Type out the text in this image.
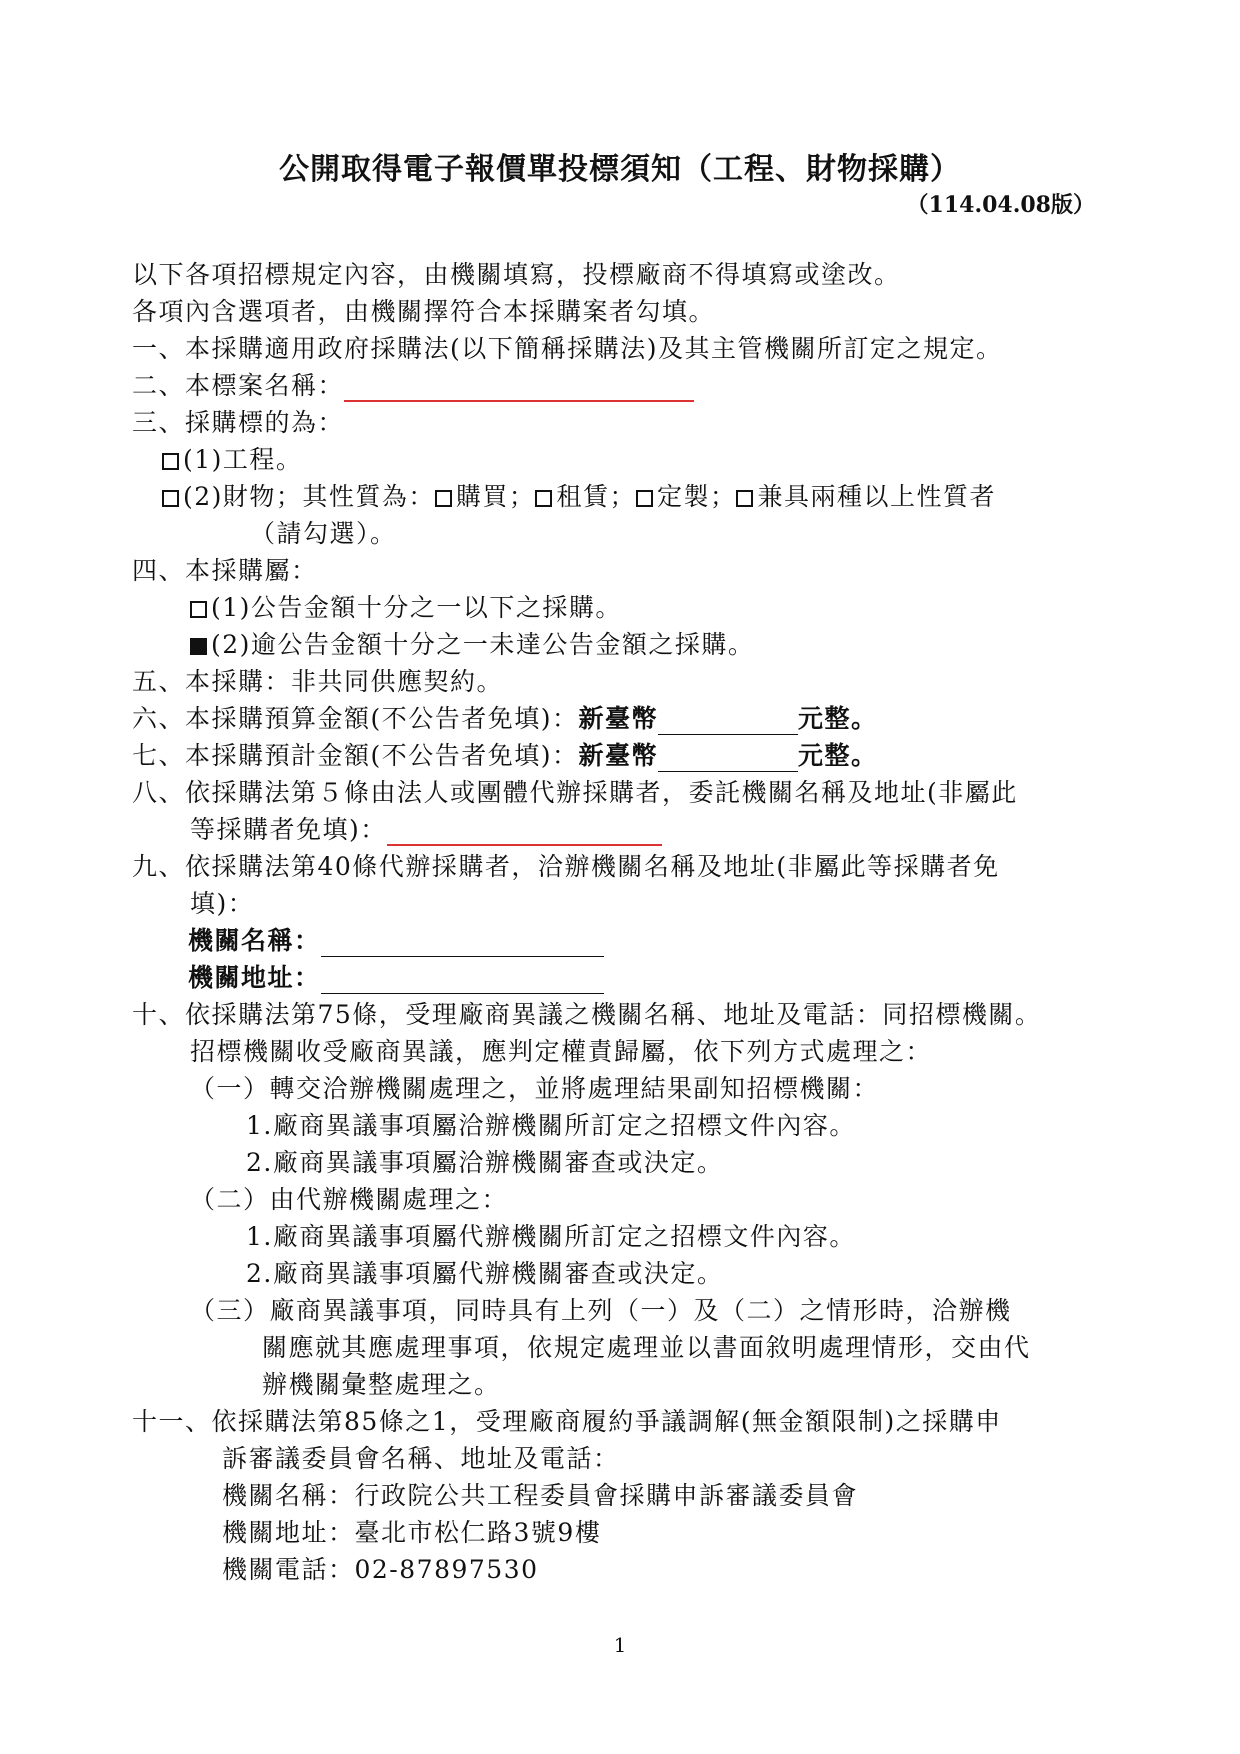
公開取得電子報價單投標須知（工程、財物採購）
（114.04.08版）
以下各項招標規定內容，由機關填寫，投標廠商不得填寫或塗改。
各項內含選項者，由機關擇符合本採購案者勾填。
一、本採購適用政府採購法(以下簡稱採購法)及其主管機關所訂定之規定。
二、本標案名稱：
三、採購標的為：
(1)工程。
(2)財物；其性質為： 購買； 租賃； 定製； 兼具兩種以上性質者
（請勾選）。
四、本採購屬：
(1)公告金額十分之一以下之採購。
(2)逾公告金額十分之一未達公告金額之採購。
五、本採購：非共同供應契約。
六、本採購預算金額(不公告者免填)：新臺幣	元整。
七、本採購預計金額(不公告者免填)：新臺幣	元整。
八、依採購法第５條由法人或團體代辦採購者，委託機關名稱及地址(非屬此
等採購者免填)：
九、依採購法第40條代辦採購者，洽辦機關名稱及地址(非屬此等採購者免
填)：
機關名稱：
機關地址：
十、依採購法第75條，受理廠商異議之機關名稱、地址及電話：同招標機關。
招標機關收受廠商異議，應判定權責歸屬，依下列方式處理之：
（一）轉交洽辦機關處理之，並將處理結果副知招標機關：
1.廠商異議事項屬洽辦機關所訂定之招標文件內容。
2.廠商異議事項屬洽辦機關審查或決定。
（二）由代辦機關處理之：
1.廠商異議事項屬代辦機關所訂定之招標文件內容。
2.廠商異議事項屬代辦機關審查或決定。
（三）廠商異議事項，同時具有上列（一）及（二）之情形時，洽辦機
關應就其應處理事項，依規定處理並以書面敘明處理情形，交由代
辦機關彙整處理之。
十一、依採購法第85條之1，受理廠商履約爭議調解(無金額限制)之採購申
訴審議委員會名稱、地址及電話：
機關名稱：行政院公共工程委員會採購申訴審議委員會
機關地址：臺北市松仁路3號9樓
機關電話：02-87897530
1
